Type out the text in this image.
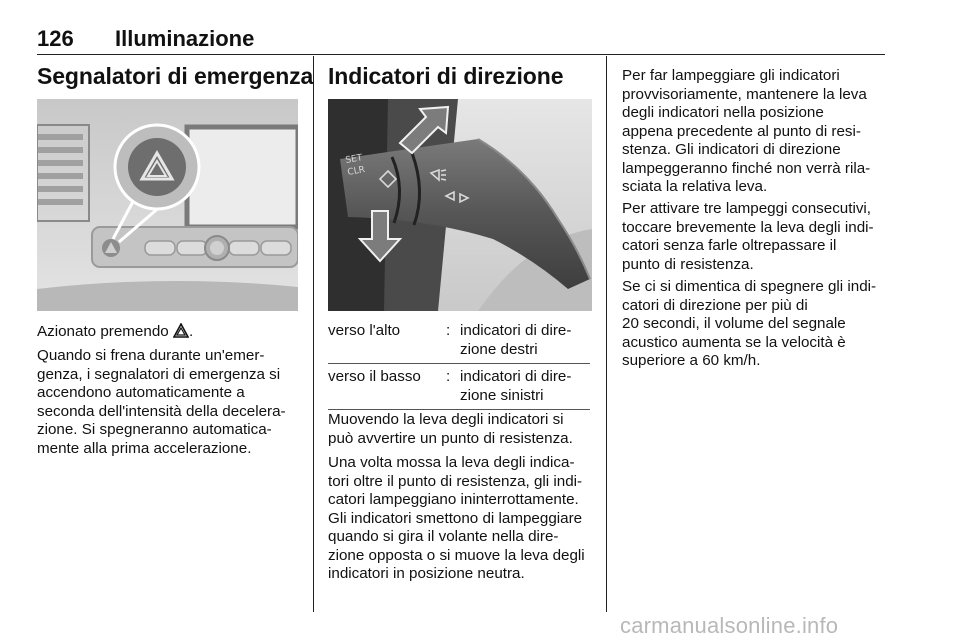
126 Illuminazione
Segnalatori di emergenza

Azionato premendo .

Quando si frena durante un'emer-
genza, i segnalatori di emergenza si
accendono automaticamente a
seconda dell'intensità della decelera-
zione. Si spegneranno automatica-
mente alla prima accelerazione.
Indicatori di direzione
SET
CLR
verso l'alto	:	indicatori di dire-
zione destri

verso il basso	:	indicatori di dire-
zione sinistri
Muovendo la leva degli indicatori si
può avvertire un punto di resistenza.
Una volta mossa la leva degli indica-
tori oltre il punto di resistenza, gli indi-
catori lampeggiano ininterrottamente.
Gli indicatori smettono di lampeggiare
quando si gira il volante nella dire-
zione opposta o si muove la leva degli
indicatori in posizione neutra.
Per far lampeggiare gli indicatori
provvisoriamente, mantenere la leva
degli indicatori nella posizione
appena precedente al punto di resi-
stenza. Gli indicatori di direzione
lampeggeranno finché non verrà rila-
sciata la relativa leva.
Per attivare tre lampeggi consecutivi,
toccare brevemente la leva degli indi-
catori senza farle oltrepassare il
punto di resistenza.
Se ci si dimentica di spegnere gli indi-
catori di direzione per più di
20 secondi, il volume del segnale
acustico aumenta se la velocità è
superiore a 60 km/h.
carmanualsonline.info
